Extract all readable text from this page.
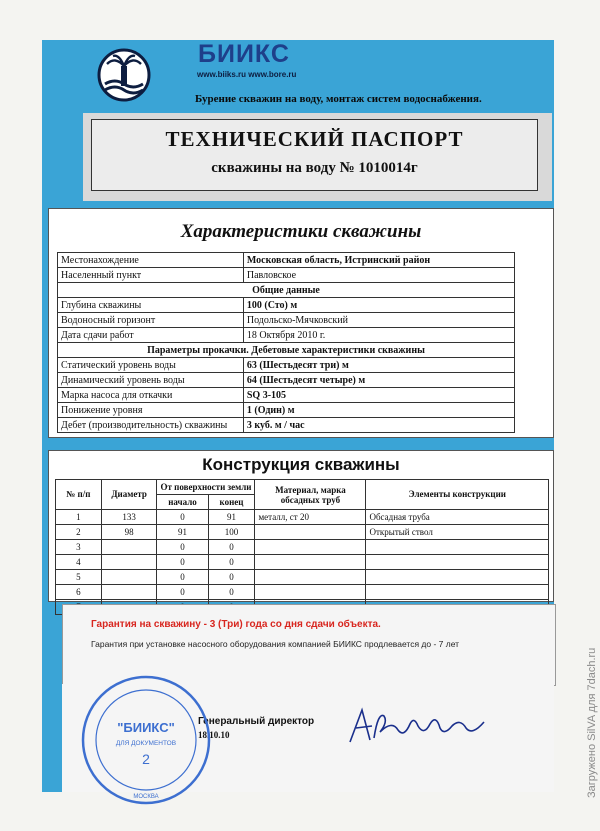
БИИКС
www.biiks.ru www.bore.ru
Бурение скважин на воду, монтаж систем водоснабжения.
ТЕХНИЧЕСКИЙ ПАСПОРТ
скважины на воду № 1010014г
Характеристики скважины
Местонахождение	Московская область, Истринский район
Населенный пункт	Павловское
Общие данные	
Глубина скважины	100 (Сто) м
Водоносный горизонт	Подольско-Мячковский
Дата сдачи работ	18 Октября 2010 г.
Параметры прокачки. Дебетовые характеристики скважины	
Статический уровень воды	63 (Шестьдесят три) м
Динамический уровень воды	64 (Шестьдесят четыре) м
Марка насоса для откачки	SQ 3-105
Понижение уровня	1 (Один) м
Дебет (производительность) скважины	3 куб. м / час
Конструкция скважины
№ п/п	Диаметр	От поверхности земли		Материал, марка обсадных труб	Элементы конструкции
		начало	конец		
1	133	0	91	металл, ст 20	Обсадная труба
2	98	91	100		Открытый ствол
3		0	0		
4		0	0		
5		0	0		
6		0	0		

Гарантия на скважину - 3 (Три) года со дня сдачи объекта.
Гарантия при установке насосного оборудования компанией БИИКС продлевается до - 7 лет
Генеральный директор
18.10.10
"БИИКС"
ДЛЯ ДОКУМЕНТОВ
2
МОСКВА	Загружено SilVA для 7dach.ru
